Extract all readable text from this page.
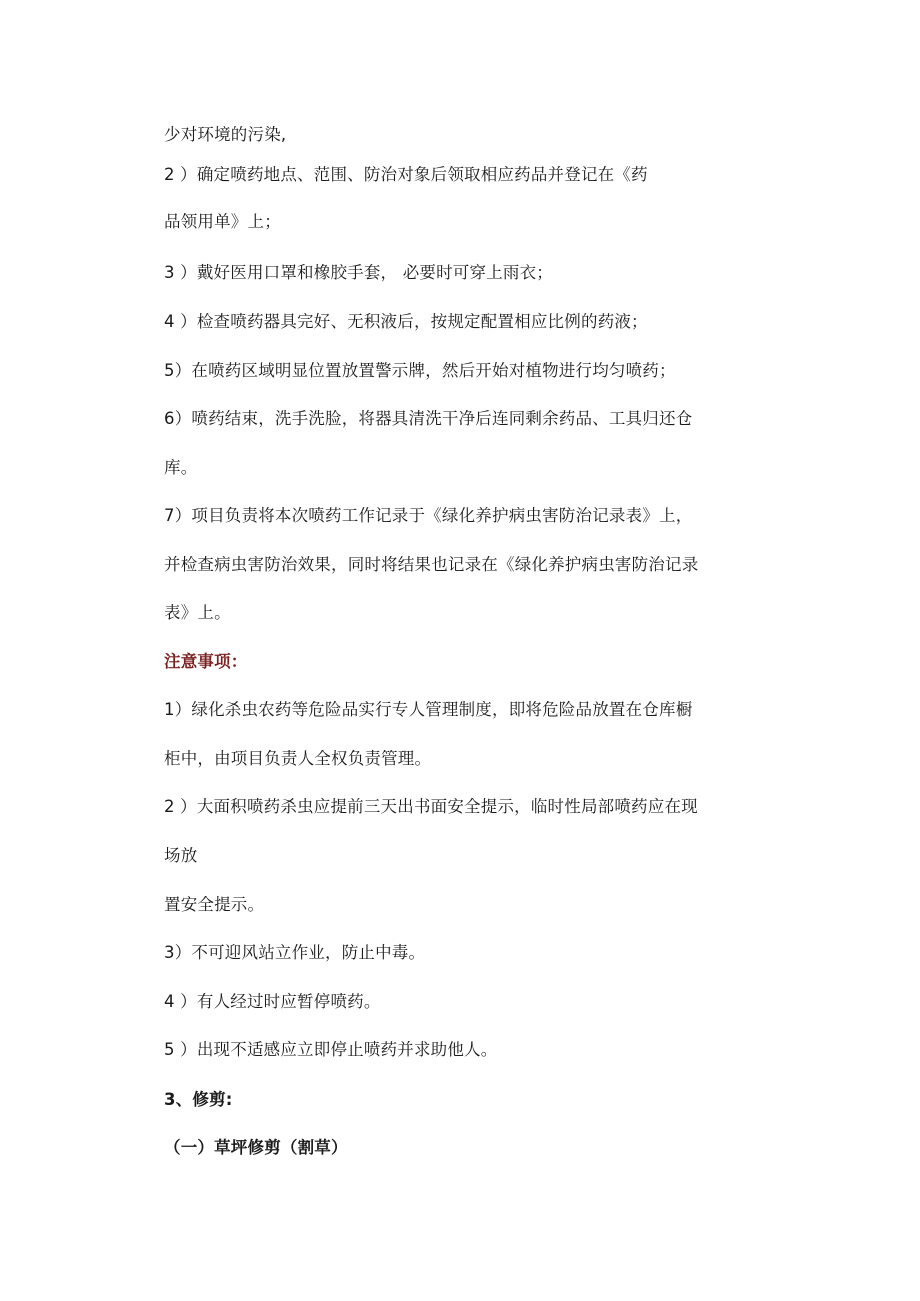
少对环境的污染,
2 ）确定喷药地点、范围、防治对象后领取相应药品并登记在《药
品领用单》上；
3 ）戴好医用口罩和橡胶手套， 必要时可穿上雨衣；
4 ）检查喷药器具完好、无积液后，按规定配置相应比例的药液；
5）在喷药区域明显位置放置警示牌，然后开始对植物进行均匀喷药；
6）喷药结束，洗手洗脸，将器具清洗干净后连同剩余药品、工具归还仓
库。
7）项目负责将本次喷药工作记录于《绿化养护病虫害防治记录表》上，
并检查病虫害防治效果，同时将结果也记录在《绿化养护病虫害防治记录
表》上。
注意事项：
1）绿化杀虫农药等危险品实行专人管理制度，即将危险品放置在仓库橱
柜中，由项目负责人全权负责管理。
2 ）大面积喷药杀虫应提前三天出书面安全提示，临时性局部喷药应在现
场放
置安全提示。
3）不可迎风站立作业，防止中毒。
4 ）有人经过时应暂停喷药。
5 ）出现不适感应立即停止喷药并求助他人。
3、修剪:
（一）草坪修剪（割草）
